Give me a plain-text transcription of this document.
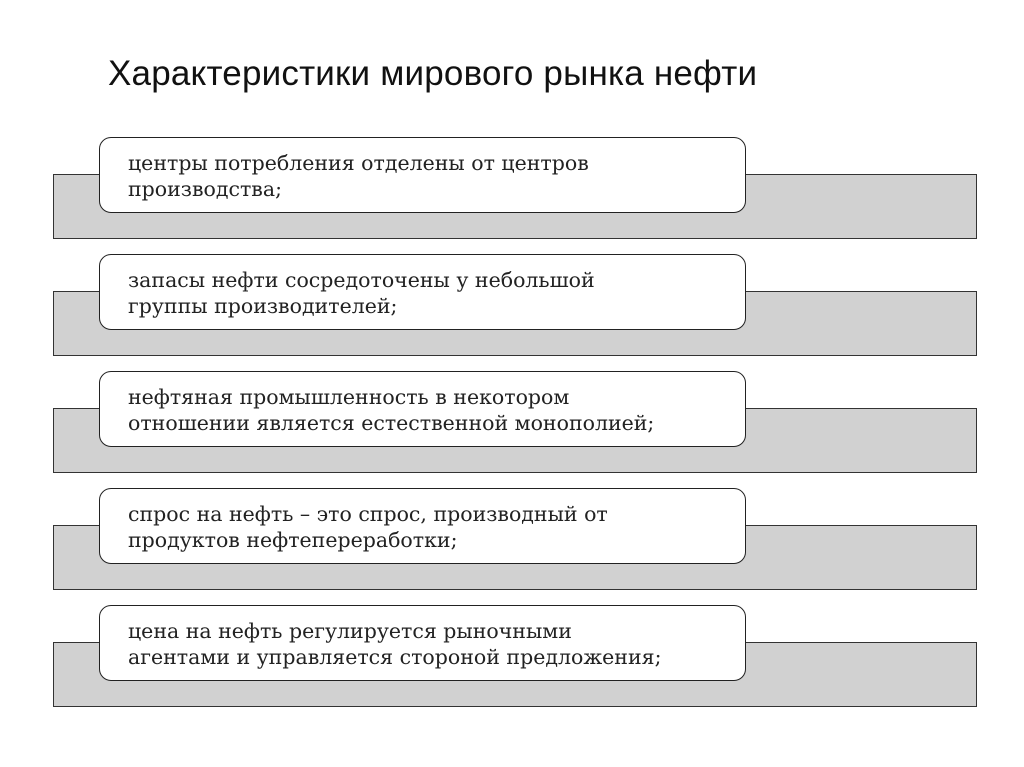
Характеристики мирового рынка нефти
центры потребления отделены от центров
производства;
запасы нефти сосредоточены у небольшой
группы производителей;
нефтяная промышленность в некотором
отношении является естественной монополией;
спрос на нефть – это спрос, производный от
продуктов нефтепереработки;
цена на нефть регулируется рыночными
агентами и управляется стороной предложения;
